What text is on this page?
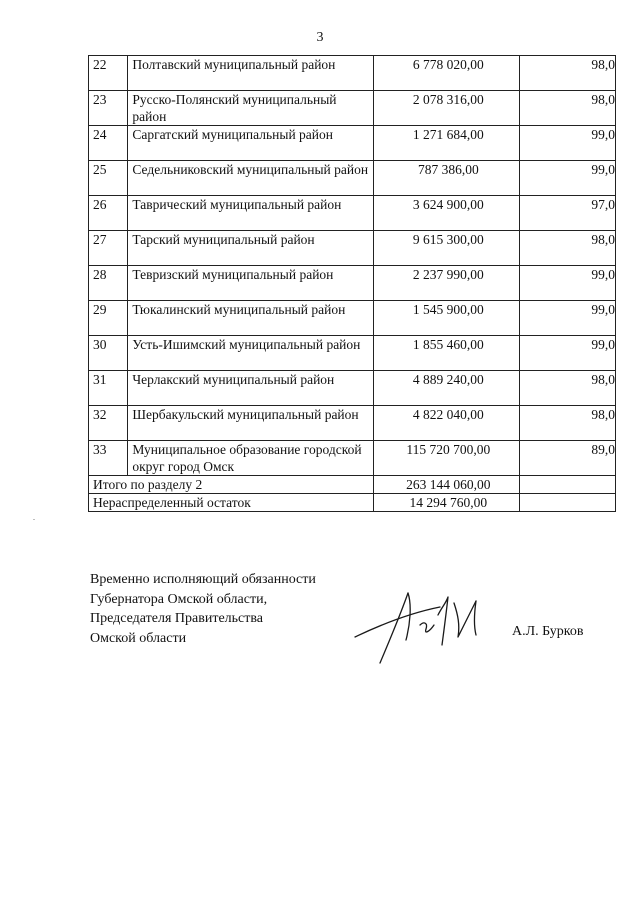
3
22	Полтавский муниципальный район	6 778 020,00	98,0
23	Русско-Полянский муниципальный район	2 078 316,00	98,0
24	Саргатский муниципальный район	1 271 684,00	99,0
25	Седельниковский муниципальный район	787 386,00	99,0
26	Таврический муниципальный район	3 624 900,00	97,0
27	Тарский муниципальный район	9 615 300,00	98,0
28	Тевризский муниципальный район	2 237 990,00	99,0
29	Тюкалинский муниципальный район	1 545 900,00	99,0
30	Усть-Ишимский муниципальный район	1 855 460,00	99,0
31	Черлакский муниципальный район	4 889 240,00	98,0
32	Шербакульский муниципальный район	4 822 040,00	98,0
33	Муниципальное образование городской округ город Омск	115 720 700,00	89,0
Итого по разделу 2		263 144 060,00	
Нераспределенный остаток		14 294 760,00	
.
Временно исполняющий обязанности
Губернатора Омской области,
Председателя Правительства
Омской области	А.Л. Бурков
